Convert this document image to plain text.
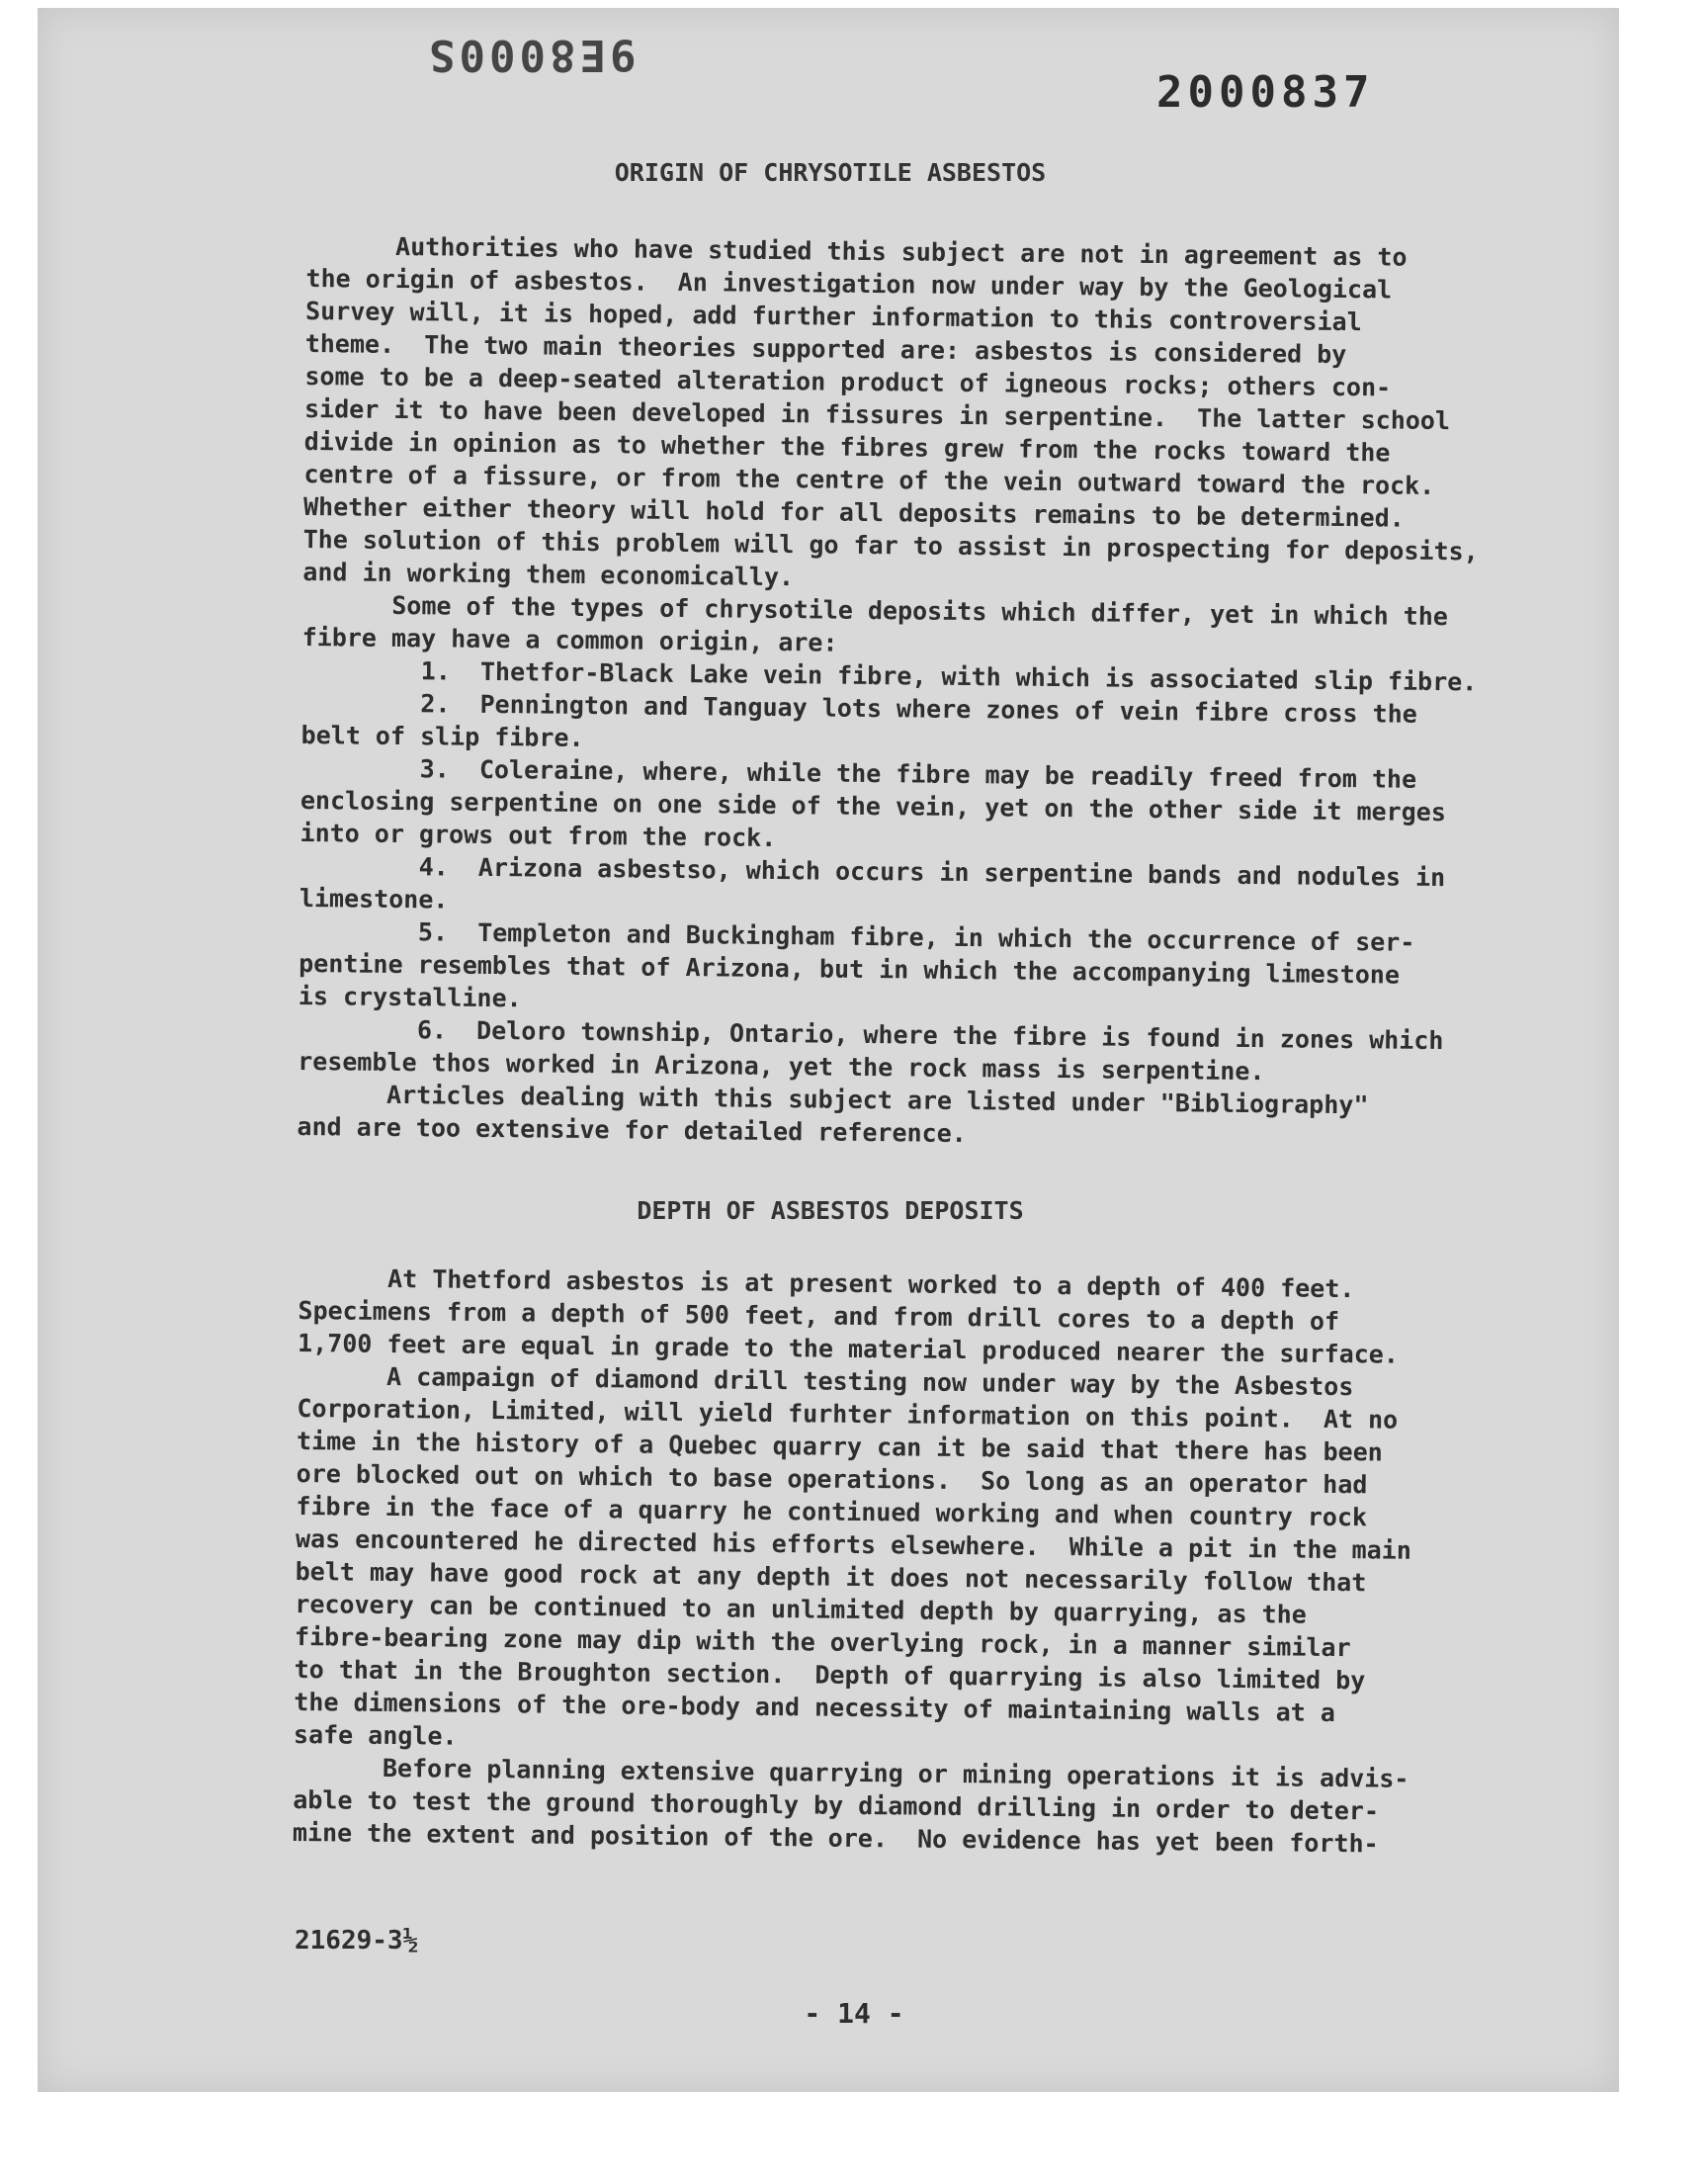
9E8000S
2000837
ORIGIN OF CHRYSOTILE ASBESTOS
Authorities who have studied this subject are not in agreement as to
the origin of asbestos.  An investigation now under way by the Geological
Survey will, it is hoped, add further information to this controversial
theme.  The two main theories supported are: asbestos is considered by
some to be a deep-seated alteration product of igneous rocks; others con-
sider it to have been developed in fissures in serpentine.  The latter school
divide in opinion as to whether the fibres grew from the rocks toward the
centre of a fissure, or from the centre of the vein outward toward the rock.
Whether either theory will hold for all deposits remains to be determined.
The solution of this problem will go far to assist in prospecting for deposits,
and in working them economically.
Some of the types of chrysotile deposits which differ, yet in which the
fibre may have a common origin, are:
1.  Thetfor-Black Lake vein fibre, with which is associated slip fibre.
2.  Pennington and Tanguay lots where zones of vein fibre cross the
belt of slip fibre.
3.  Coleraine, where, while the fibre may be readily freed from the
enclosing serpentine on one side of the vein, yet on the other side it merges
into or grows out from the rock.
4.  Arizona asbestso, which occurs in serpentine bands and nodules in
limestone.
5.  Templeton and Buckingham fibre, in which the occurrence of ser-
pentine resembles that of Arizona, but in which the accompanying limestone
is crystalline.
6.  Deloro township, Ontario, where the fibre is found in zones which
resemble thos worked in Arizona, yet the rock mass is serpentine.
Articles dealing with this subject are listed under "Bibliography"
and are too extensive for detailed reference.
DEPTH OF ASBESTOS DEPOSITS
At Thetford asbestos is at present worked to a depth of 400 feet.
Specimens from a depth of 500 feet, and from drill cores to a depth of
1,700 feet are equal in grade to the material produced nearer the surface.
A campaign of diamond drill testing now under way by the Asbestos
Corporation, Limited, will yield furhter information on this point.  At no
time in the history of a Quebec quarry can it be said that there has been
ore blocked out on which to base operations.  So long as an operator had
fibre in the face of a quarry he continued working and when country rock
was encountered he directed his efforts elsewhere.  While a pit in the main
belt may have good rock at any depth it does not necessarily follow that
recovery can be continued to an unlimited depth by quarrying, as the
fibre-bearing zone may dip with the overlying rock, in a manner similar
to that in the Broughton section.  Depth of quarrying is also limited by
the dimensions of the ore-body and necessity of maintaining walls at a
safe angle.
Before planning extensive quarrying or mining operations it is advis-
able to test the ground thoroughly by diamond drilling in order to deter-
mine the extent and position of the ore.  No evidence has yet been forth-
21629-3½
- 14 -
